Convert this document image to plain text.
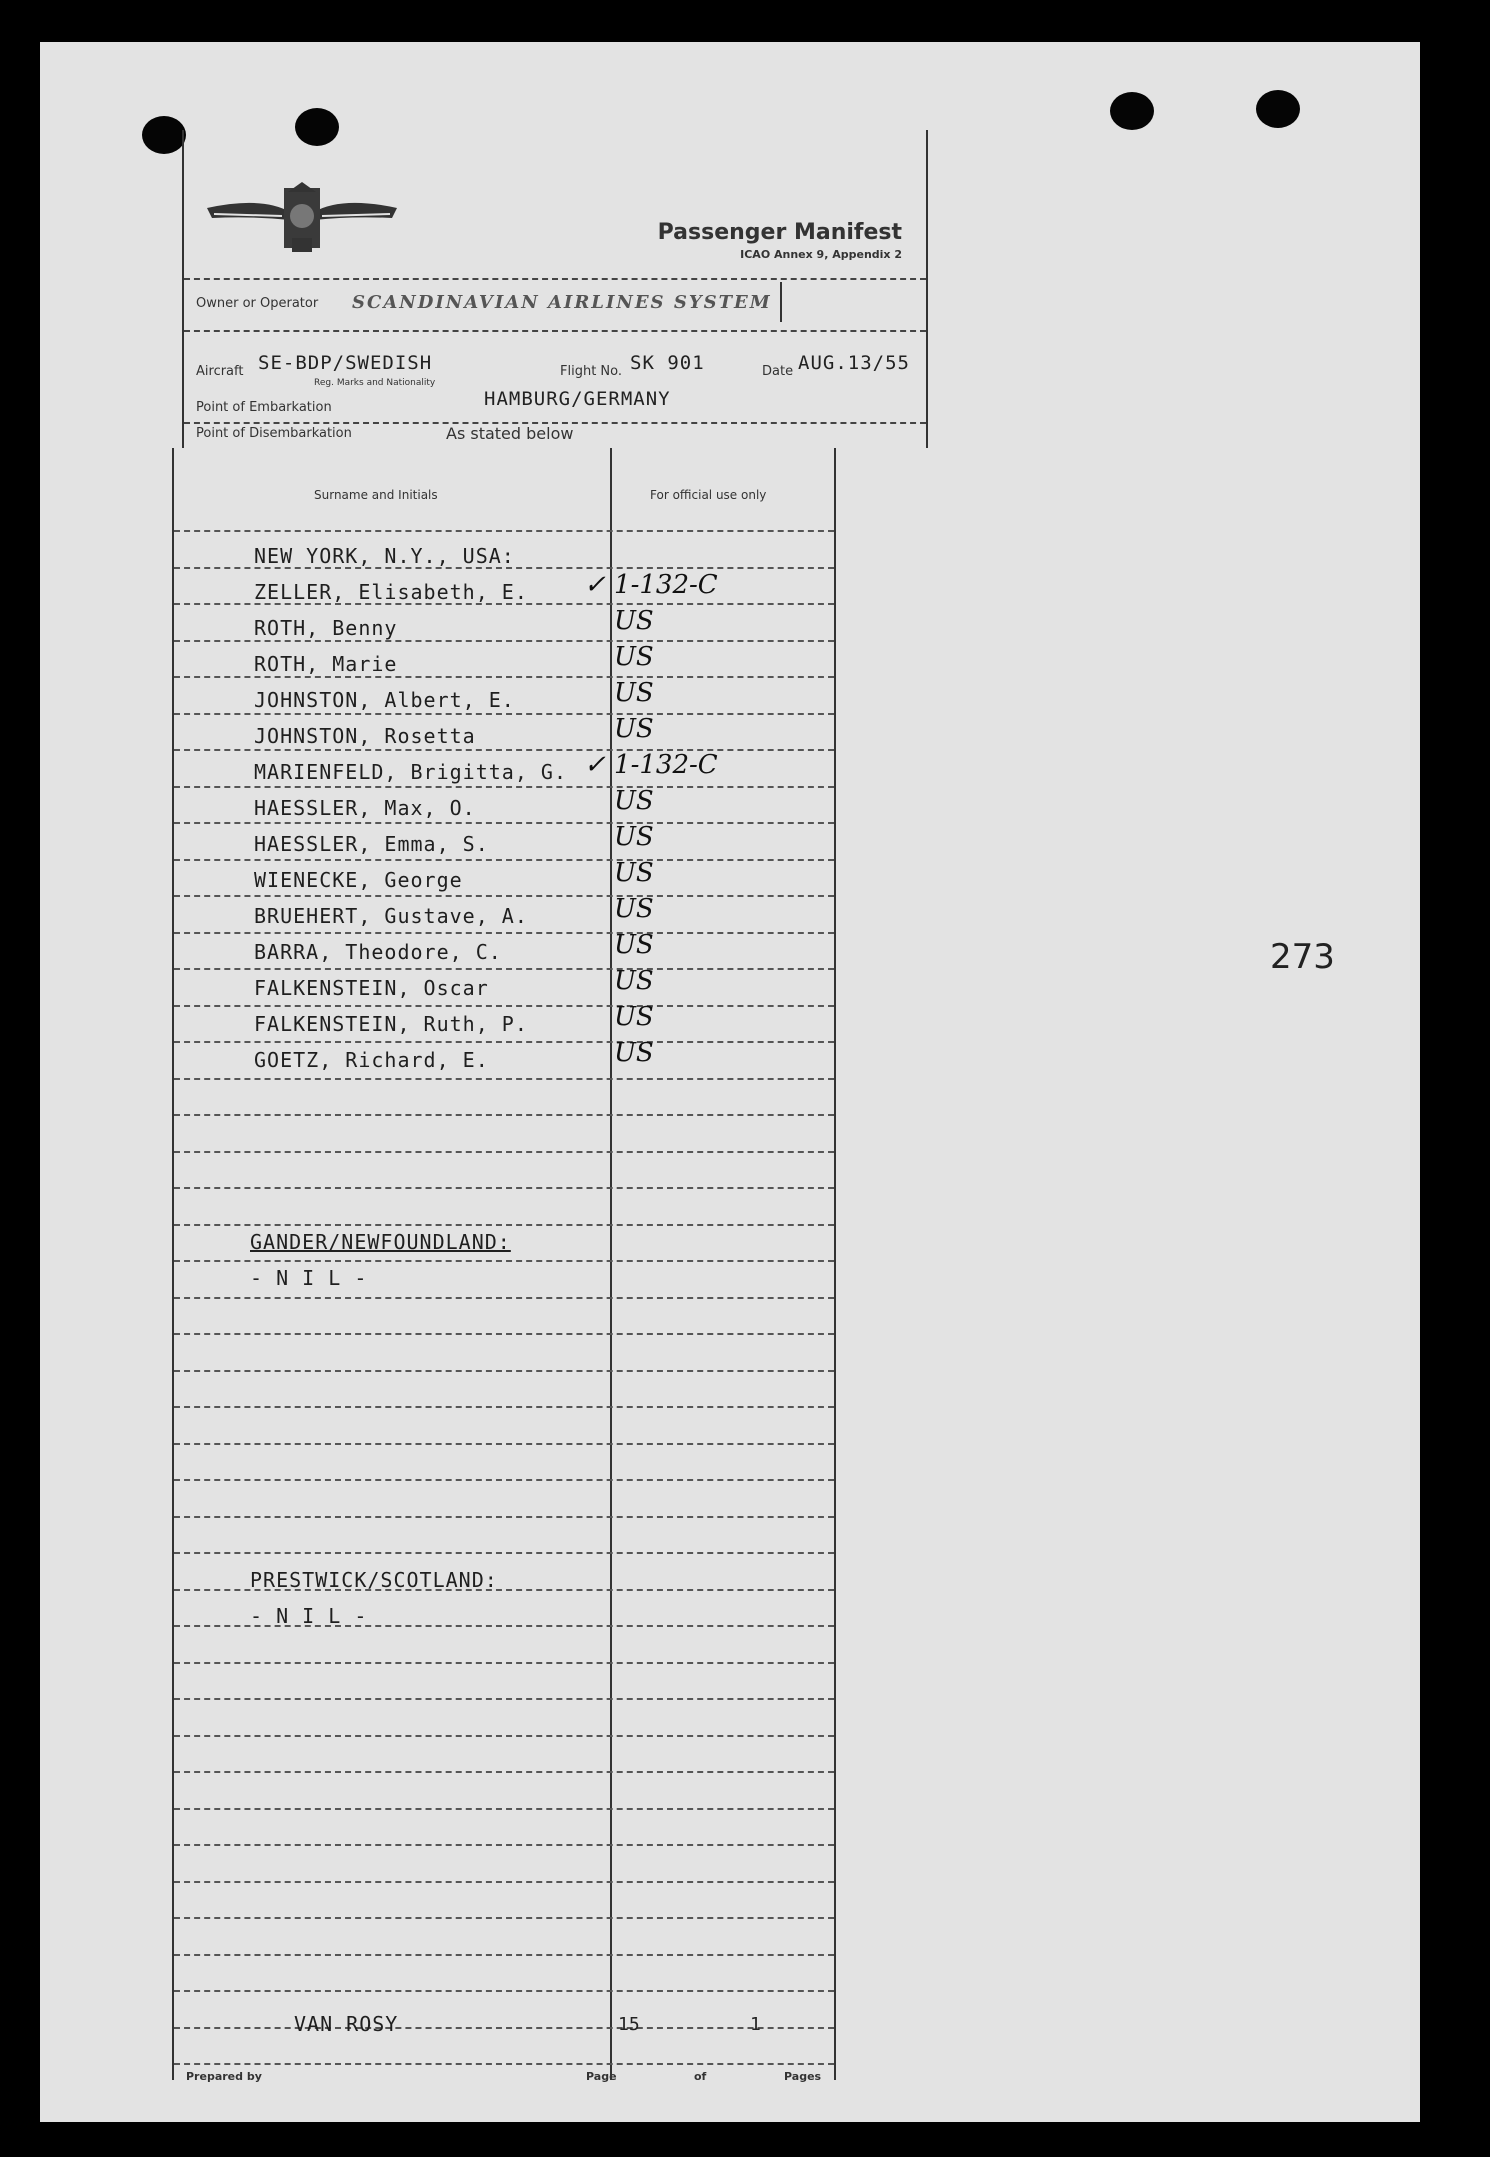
273
Passenger Manifest
ICAO Annex 9, Appendix 2
Owner or Operator SCANDINAVIAN AIRLINES SYSTEM
Aircraft SE-BDP/SWEDISH
Reg. Marks and Nationality
Flight No. SK 901	Date AUG.13/55
Point of Embarkation	HAMBURG/GERMANY
Point of Disembarkation	As stated below
Surname and Initials	For official use only
NEW YORK, N.Y., USA:
ZELLER, Elisabeth, E. ✓ 1-132-C
ROTH, Benny	US
ROTH, Marie	US
JOHNSTON, Albert, E.	US
JOHNSTON, Rosetta	US
MARIENFELD, Brigitta, G. ✓ 1-132-C
HAESSLER, Max, O.	US
HAESSLER, Emma, S.	US
WIENECKE, George	US
BRUEHERT, Gustave, A.	US
BARRA, Theodore, C.	US
FALKENSTEIN, Oscar	US
FALKENSTEIN, Ruth, P.	US
GOETZ, Richard, E.	US
GANDER/NEWFOUNDLAND:
- N I L -
PRESTWICK/SCOTLAND:
- N I L -
VAN ROSY	15	1
Prepared by	Page	of	Pages
